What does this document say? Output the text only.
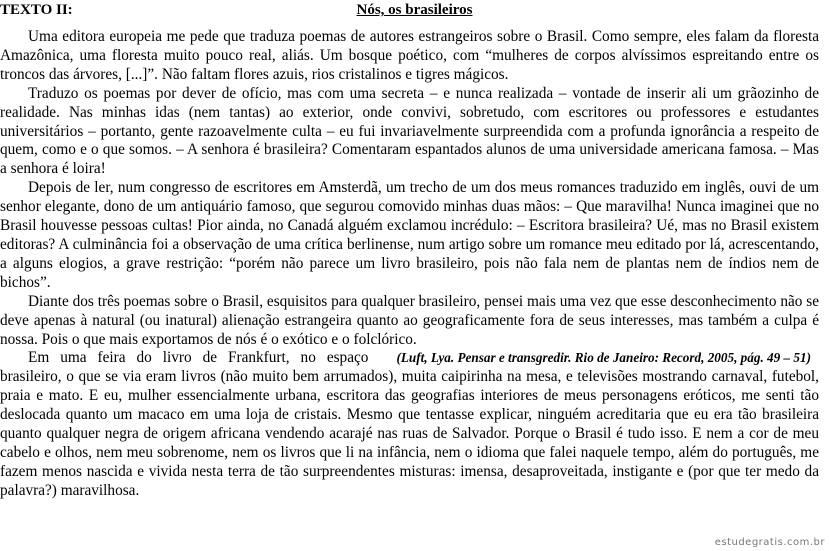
TEXTO II:	Nós, os brasileiros

Uma editora europeia me pede que traduza poemas de autores estrangeiros sobre o Brasil. Como sempre, eles falam da floresta Amazônica, uma floresta muito pouco real, aliás. Um bosque poético, com “mulheres de corpos alvíssimos espreitando entre os troncos das árvores, [...]”. Não faltam flores azuis, rios cristalinos e tigres mágicos.

Traduzo os poemas por dever de ofício, mas com uma secreta – e nunca realizada – vontade de inserir ali um grãozinho de realidade. Nas minhas idas (nem tantas) ao exterior, onde convivi, sobretudo, com escritores ou professores e estudantes universitários – portanto, gente razoavelmente culta – eu fui invariavelmente surpreendida com a profunda ignorância a respeito de quem, como e o que somos. – A senhora é brasileira? Comentaram espantados alunos de uma universidade americana famosa. – Mas a senhora é loira!

Depois de ler, num congresso de escritores em Amsterdã, um trecho de um dos meus romances traduzido em inglês, ouvi de um senhor elegante, dono de um antiquário famoso, que segurou comovido minhas duas mãos: – Que maravilha! Nunca imaginei que no Brasil houvesse pessoas cultas! Pior ainda, no Canadá alguém exclamou incrédulo: – Escritora brasileira? Ué, mas no Brasil existem editoras? A culminância foi a observação de uma crítica berlinense, num artigo sobre um romance meu editado por lá, acrescentando, a alguns elogios, a grave restrição: “porém não parece um livro brasileiro, pois não fala nem de plantas nem de índios nem de bichos”.

Diante dos três poemas sobre o Brasil, esquisitos para qualquer brasileiro, pensei mais uma vez que esse desconhecimento não se deve apenas à natural (ou inatural) alienação estrangeira quanto ao geograficamente fora de seus interesses, mas também a culpa é nossa. Pois o que mais exportamos de nós é o exótico e o folclórico.

(Luft, Lya. Pensar e transgredir. Rio de Janeiro: Record, 2005, pág. 49 – 51)
Em uma feira do livro de Frankfurt, no espaço brasileiro, o que se via eram livros (não muito bem arrumados), muita caipirinha na mesa, e televisões mostrando carnaval, futebol, praia e mato. E eu, mulher essencialmente urbana, escritora das geografias interiores de meus personagens eróticos, me senti tão deslocada quanto um macaco em uma loja de cristais. Mesmo que tentasse explicar, ninguém acreditaria que eu era tão brasileira quanto qualquer negra de origem africana vendendo acarajé nas ruas de Salvador. Porque o Brasil é tudo isso. E nem a cor de meu cabelo e olhos, nem meu sobrenome, nem os livros que li na infância, nem o idioma que falei naquele tempo, além do português, me fazem menos nascida e vivida nesta terra de tão surpreendentes misturas: imensa, desaproveitada, instigante e (por que ter medo da palavra?) maravilhosa.

estudegratis.com.br
